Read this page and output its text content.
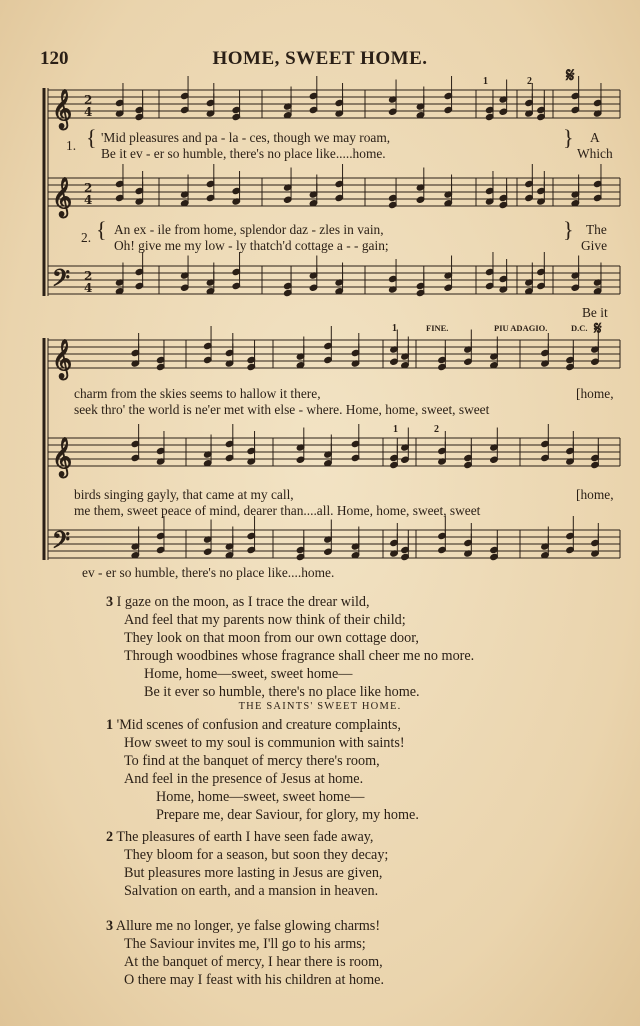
120	HOME, SWEET HOME.
𝄞
𝄞
𝄢
𝄞
𝄞
𝄢
2
4
2
4
2
4
𝄋
𝄋
1	2
1. { 'Mid pleasures and pa - la - ces, though we may roam,
Be it ev - er so humble, there's no place like.....home.
} A
Which
2. { An ex - ile from home, splendor daz - zles in vain,
Oh! give me my low - ly thatch'd cottage a - - gain;
} The
Give
Be it
1	FINE.	PIU ADAGIO.	D.C.
charm from the skies seems to hallow it there,	[home,
seek thro' the world is ne'er met with else - where. Home, home, sweet, sweet
1	2
birds singing gayly, that came at my call,	[home,
me them, sweet peace of mind, dearer than....all. Home, home, sweet, sweet
ev - er so humble, there's no place like....home.
3 I gaze on the moon, as I trace the drear wild,
And feel that my parents now think of their child;
They look on that moon from our own cottage door,
Through woodbines whose fragrance shall cheer me no more.
Home, home—sweet, sweet home—
Be it ever so humble, there's no place like home.
THE SAINTS' SWEET HOME.
1 'Mid scenes of confusion and creature complaints,
How sweet to my soul is communion with saints!
To find at the banquet of mercy there's room,
And feel in the presence of Jesus at home.
Home, home—sweet, sweet home—
Prepare me, dear Saviour, for glory, my home.
2 The pleasures of earth I have seen fade away,
They bloom for a season, but soon they decay;
But pleasures more lasting in Jesus are given,
Salvation on earth, and a mansion in heaven.
3 Allure me no longer, ye false glowing charms!
The Saviour invites me, I'll go to his arms;
At the banquet of mercy, I hear there is room,
O there may I feast with his children at home.
